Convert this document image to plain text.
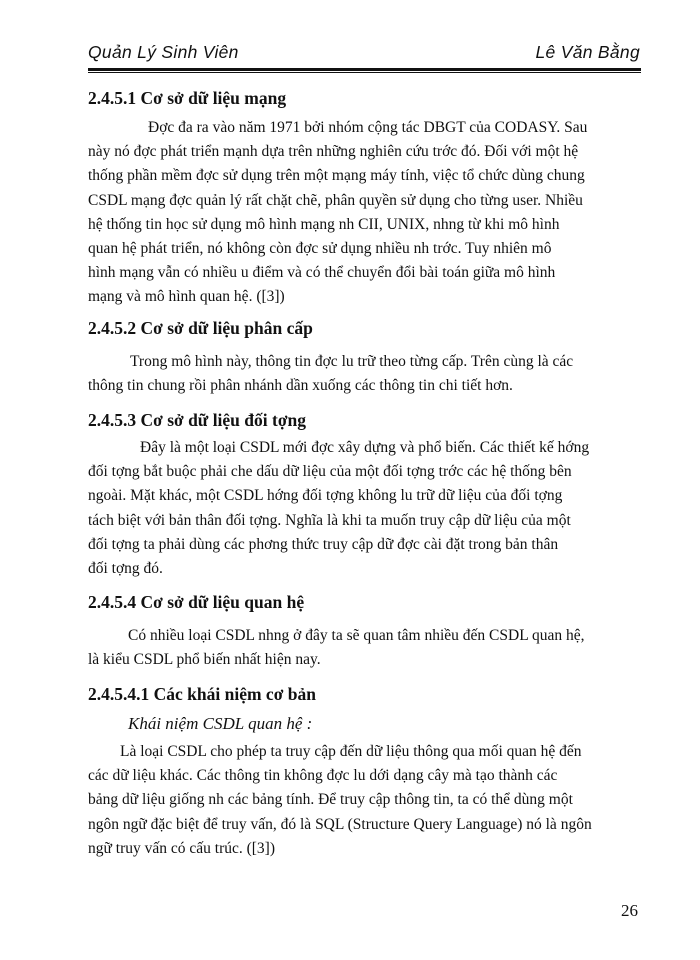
Quản Lý Sinh Viên	Lê Văn Bằng
2.4.5.1 Cơ sở dữ liệu mạng
Đợc đa ra vào năm 1971 bởi nhóm cộng tác DBGT của CODASY. Sau
này nó đợc phát triển mạnh dựa trên những nghiên cứu trớc đó. Đối với một hệ
thống phần mềm đợc sử dụng trên một mạng máy tính, việc tổ chức dùng chung
CSDL mạng đợc quản lý rất chặt chẽ, phân quyền sử dụng cho từng user. Nhiều
hệ thống tin học sử dụng mô hình mạng nh CII, UNIX, nhng từ khi mô hình
quan hệ phát triển, nó không còn đợc sử dụng nhiều nh trớc. Tuy nhiên mô
hình mạng vẫn có nhiều u điểm và có thể chuyển đổi bài toán giữa mô hình
mạng và mô hình quan hệ. ([3])
2.4.5.2 Cơ sở dữ liệu phân cấp
Trong mô hình này, thông tin đợc lu trữ theo từng cấp. Trên cùng là các
thông tin chung rồi phân nhánh dần xuống các thông tin chi tiết hơn.
2.4.5.3 Cơ sở dữ liệu đối tợng
Đây là một loại CSDL mới đợc xây dựng và phổ biến. Các thiết kế hớng
đối tợng bắt buộc phải che dấu dữ liệu của một đối tợng trớc các hệ thống bên
ngoài. Mặt khác, một CSDL hớng đối tợng không lu trữ dữ liệu của đối tợng
tách biệt với bản thân đối tợng. Nghĩa là khi ta muốn truy cập dữ liệu của một
đối tợng ta phải dùng các phơng thức truy cập dữ đợc cài đặt trong bản thân
đối tợng đó.
2.4.5.4 Cơ sở dữ liệu quan hệ
Có nhiều loại CSDL nhng ở đây ta sẽ quan tâm nhiều đến CSDL quan hệ,
là kiểu CSDL phổ biến nhất hiện nay.
2.4.5.4.1 Các khái niệm cơ bản
Khái niệm CSDL quan hệ :
Là loại CSDL cho phép ta truy cập đến dữ liệu thông qua mối quan hệ đến
các dữ liệu khác. Các thông tin không đợc lu dới dạng cây mà tạo thành các
bảng dữ liệu giống nh các bảng tính. Để truy cập thông tin, ta có thể dùng một
ngôn ngữ đặc biệt để truy vấn, đó là SQL (Structure Query Language) nó là ngôn
ngữ truy vấn có cấu trúc. ([3])
26
